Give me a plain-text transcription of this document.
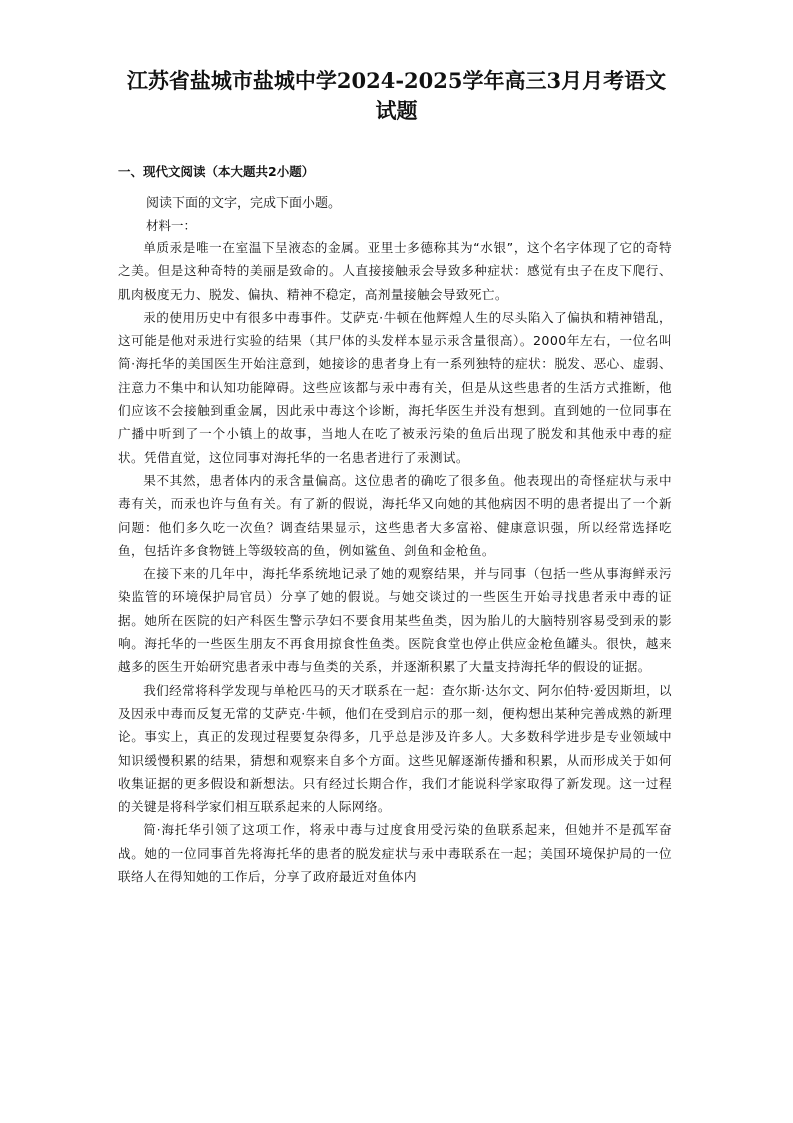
江苏省盐城市盐城中学2024-2025学年高三3月月考语文
试题
一、现代文阅读（本大题共2小题）
阅读下面的文字，完成下面小题。
材料一：

单质汞是唯一在室温下呈液态的金属。亚里士多德称其为“水银”，这个名字体现了它的奇特之美。但是这种奇特的美丽是致命的。人直接接触汞会导致多种症状：感觉有虫子在皮下爬行、肌肉极度无力、脱发、偏执、精神不稳定，高剂量接触会导致死亡。

汞的使用历史中有很多中毒事件。艾萨克·牛顿在他辉煌人生的尽头陷入了偏执和精神错乱，这可能是他对汞进行实验的结果（其尸体的头发样本显示汞含量很高）。2000年左右，一位名叫简·海托华的美国医生开始注意到，她接诊的患者身上有一系列独特的症状：脱发、恶心、虚弱、注意力不集中和认知功能障碍。这些应该都与汞中毒有关，但是从这些患者的生活方式推断，他们应该不会接触到重金属，因此汞中毒这个诊断，海托华医生并没有想到。直到她的一位同事在广播中听到了一个小镇上的故事，当地人在吃了被汞污染的鱼后出现了脱发和其他汞中毒的症状。凭借直觉，这位同事对海托华的一名患者进行了汞测试。

果不其然，患者体内的汞含量偏高。这位患者的确吃了很多鱼。他表现出的奇怪症状与汞中毒有关，而汞也许与鱼有关。有了新的假说，海托华又向她的其他病因不明的患者提出了一个新问题：他们多久吃一次鱼？调查结果显示，这些患者大多富裕、健康意识强，所以经常选择吃鱼，包括许多食物链上等级较高的鱼，例如鲨鱼、剑鱼和金枪鱼。

在接下来的几年中，海托华系统地记录了她的观察结果，并与同事（包括一些从事海鲜汞污染监管的环境保护局官员）分享了她的假说。与她交谈过的一些医生开始寻找患者汞中毒的证据。她所在医院的妇产科医生警示孕妇不要食用某些鱼类，因为胎儿的大脑特别容易受到汞的影响。海托华的一些医生朋友不再食用掠食性鱼类。医院食堂也停止供应金枪鱼罐头。很快，越来越多的医生开始研究患者汞中毒与鱼类的关系，并逐渐积累了大量支持海托华的假设的证据。

我们经常将科学发现与单枪匹马的天才联系在一起：查尔斯·达尔文、阿尔伯特·爱因斯坦，以及因汞中毒而反复无常的艾萨克·牛顿，他们在受到启示的那一刻，便构想出某种完善成熟的新理论。事实上，真正的发现过程要复杂得多，几乎总是涉及许多人。大多数科学进步是专业领域中知识缓慢积累的结果，猜想和观察来自多个方面。这些见解逐渐传播和积累，从而形成关于如何收集证据的更多假设和新想法。只有经过长期合作，我们才能说科学家取得了新发现。这一过程的关键是将科学家们相互联系起来的人际网络。

简·海托华引领了这项工作，将汞中毒与过度食用受污染的鱼联系起来，但她并不是孤军奋战。她的一位同事首先将海托华的患者的脱发症状与汞中毒联系在一起；美国环境保护局的一位联络人在得知她的工作后，分享了政府最近对鱼体内
